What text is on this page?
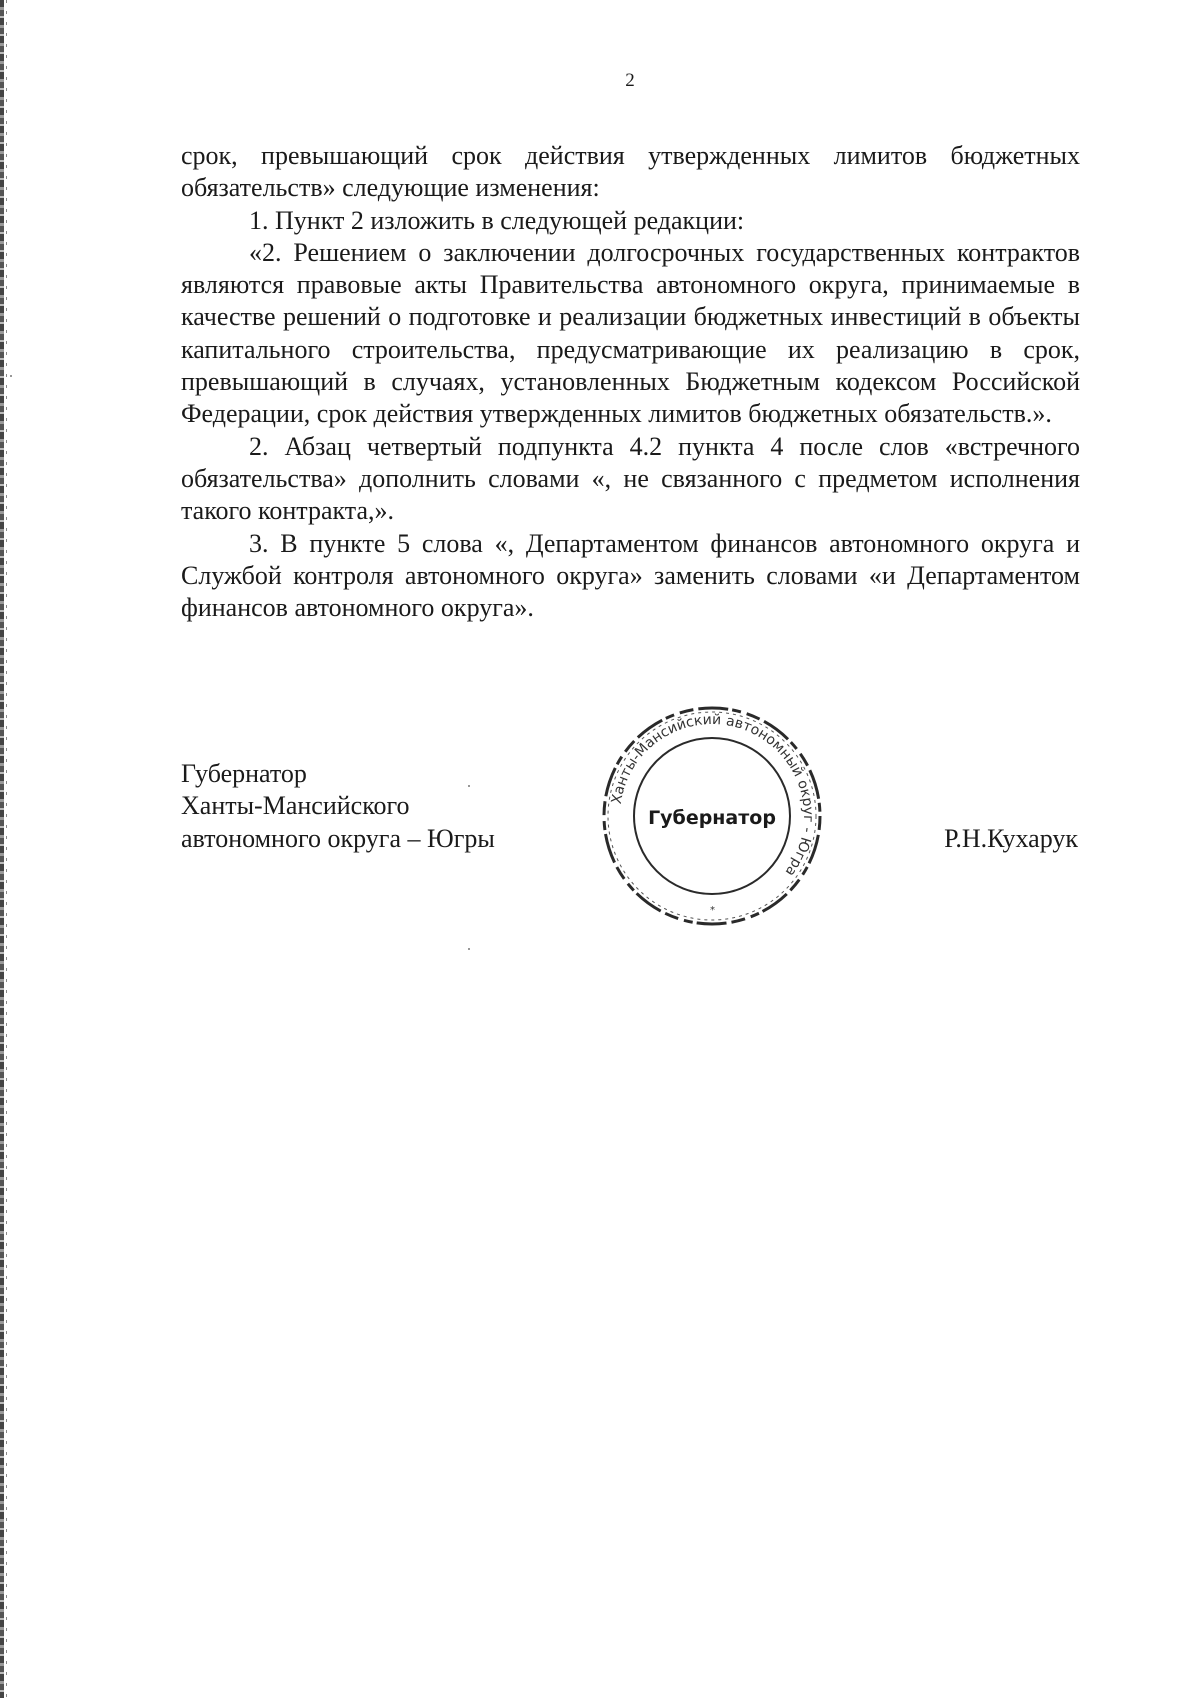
2

срок, превышающий срок действия утвержденных лимитов бюджетных обязательств» следующие изменения:

1. Пункт 2 изложить в следующей редакции:

«2. Решением о заключении долгосрочных государственных контрактов являются правовые акты Правительства автономного округа, принимаемые в качестве решений о подготовке и реализации бюджетных инвестиций в объекты капитального строительства, предусматривающие их реализацию в срок, превышающий в случаях, установленных Бюджетным кодексом Российской Федерации, срок действия утвержденных лимитов бюджетных обязательств.».

2. Абзац четвертый подпункта 4.2 пункта 4 после слов «встречного обязательства» дополнить словами «, не связанного с предметом исполнения такого контракта,».

3. В пункте 5 слова «, Департаментом финансов автономного округа и Службой контроля автономного округа» заменить словами «и Департаментом финансов автономного округа».

Губернатор
Ханты-Мансийского
автономного округа – Югры
Ханты-Мансийский автономный округ - Югра
Губернатор
*
Р.Н.Кухарук
